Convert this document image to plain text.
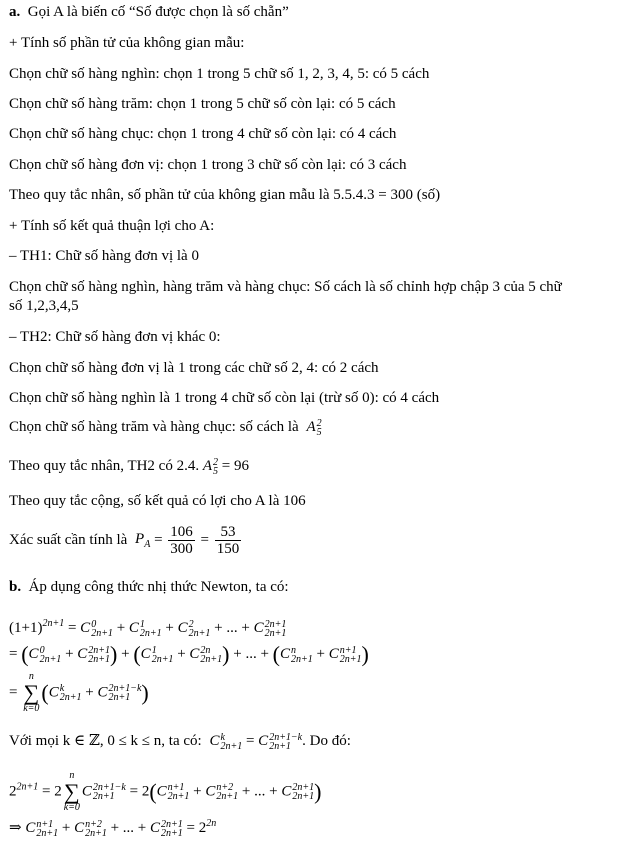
a. Gọi A là biến cố “Số được chọn là số chẵn”
+ Tính số phần tử của không gian mẫu:
Chọn chữ số hàng nghìn: chọn 1 trong 5 chữ số 1, 2, 3, 4, 5: có 5 cách
Chọn chữ số hàng trăm: chọn 1 trong 5 chữ số còn lại: có 5 cách
Chọn chữ số hàng chục: chọn 1 trong 4 chữ số còn lại: có 4 cách
Chọn chữ số hàng đơn vị: chọn 1 trong 3 chữ số còn lại: có 3 cách
Theo quy tắc nhân, số phần tử của không gian mẫu là 5.5.4.3 = 300 (số)
+ Tính số kết quả thuận lợi cho A:
– TH1: Chữ số hàng đơn vị là 0
Chọn chữ số hàng nghìn, hàng trăm và hàng chục: Số cách là số chỉnh hợp chập 3 của 5 chữ
số 1,2,3,4,5
– TH2: Chữ số hàng đơn vị khác 0:
Chọn chữ số hàng đơn vị là 1 trong các chữ số 2, 4: có 2 cách
Chọn chữ số hàng nghìn là 1 trong 4 chữ số còn lại (trừ số 0): có 4 cách
Chọn chữ số hàng trăm và hàng chục: số cách là A 2
5
Theo quy tắc nhân, TH2 có 2.4. A 2
5 = 96
Theo quy tắc cộng, số kết quả có lợi cho A là 106
Xác suất cần tính là $P_A = \frac{106}{300} = \frac{53}{150}$
b. Áp dụng công thức nhị thức Newton, ta có:
$(1+1)^{2n+1} = C$ 0
2n+1 + C 1
2n+1 + C 2
2n+1 + ... + C 2n+1
2n+1
= (C 0
2n+1 + C 2n+1
2n+1 ) + (C 1
2n+1 + C 2n
2n+1 ) + ... + (C n
2n+1 + C n+1
2n+1 )
=
n
∑
k=0
(C k
2n+1 + C 2n+1−k
2n+1 )
Với mọi k ∈ ℤ, 0 ≤ k ≤ n, ta có: C k
2n+1 = C 2n+1−k
2n+1 . Do đó:
$2^{2n+1} = 2$
n
∑
k=0
C 2n+1−k
2n+1 = 2(C n+1
2n+1 + C n+2
2n+1 + ... + C 2n+1
2n+1 )
⇒ C n+1
2n+1 + C n+2
2n+1 + ... + C 2n+1
$2n+1 = 2^{2n}$
